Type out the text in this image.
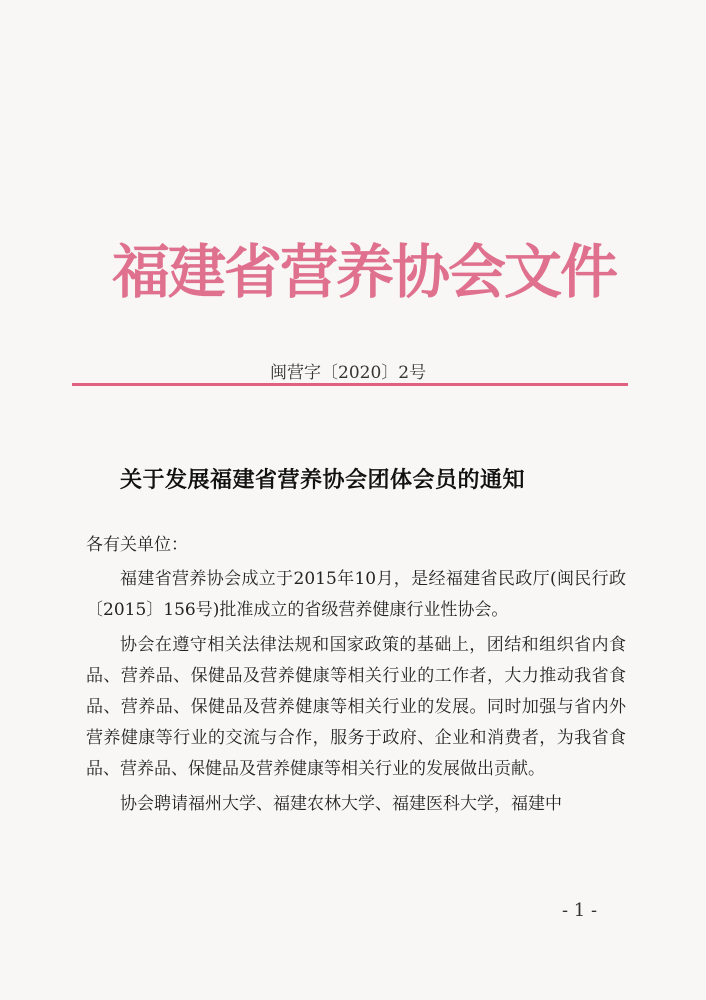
福建省营养协会文件
闽营字〔2020〕2号
关于发展福建省营养协会团体会员的通知

各有关单位：

福建省营养协会成立于2015年10月，是经福建省民政厅(闽民行政〔2015〕156号)批准成立的省级营养健康行业性协会。

协会在遵守相关法律法规和国家政策的基础上，团结和组织省内食品、营养品、保健品及营养健康等相关行业的工作者，大力推动我省食品、营养品、保健品及营养健康等相关行业的发展。同时加强与省内外营养健康等行业的交流与合作，服务于政府、企业和消费者，为我省食品、营养品、保健品及营养健康等相关行业的发展做出贡献。

协会聘请福州大学、福建农林大学、福建医科大学，福建中

- 1 -
